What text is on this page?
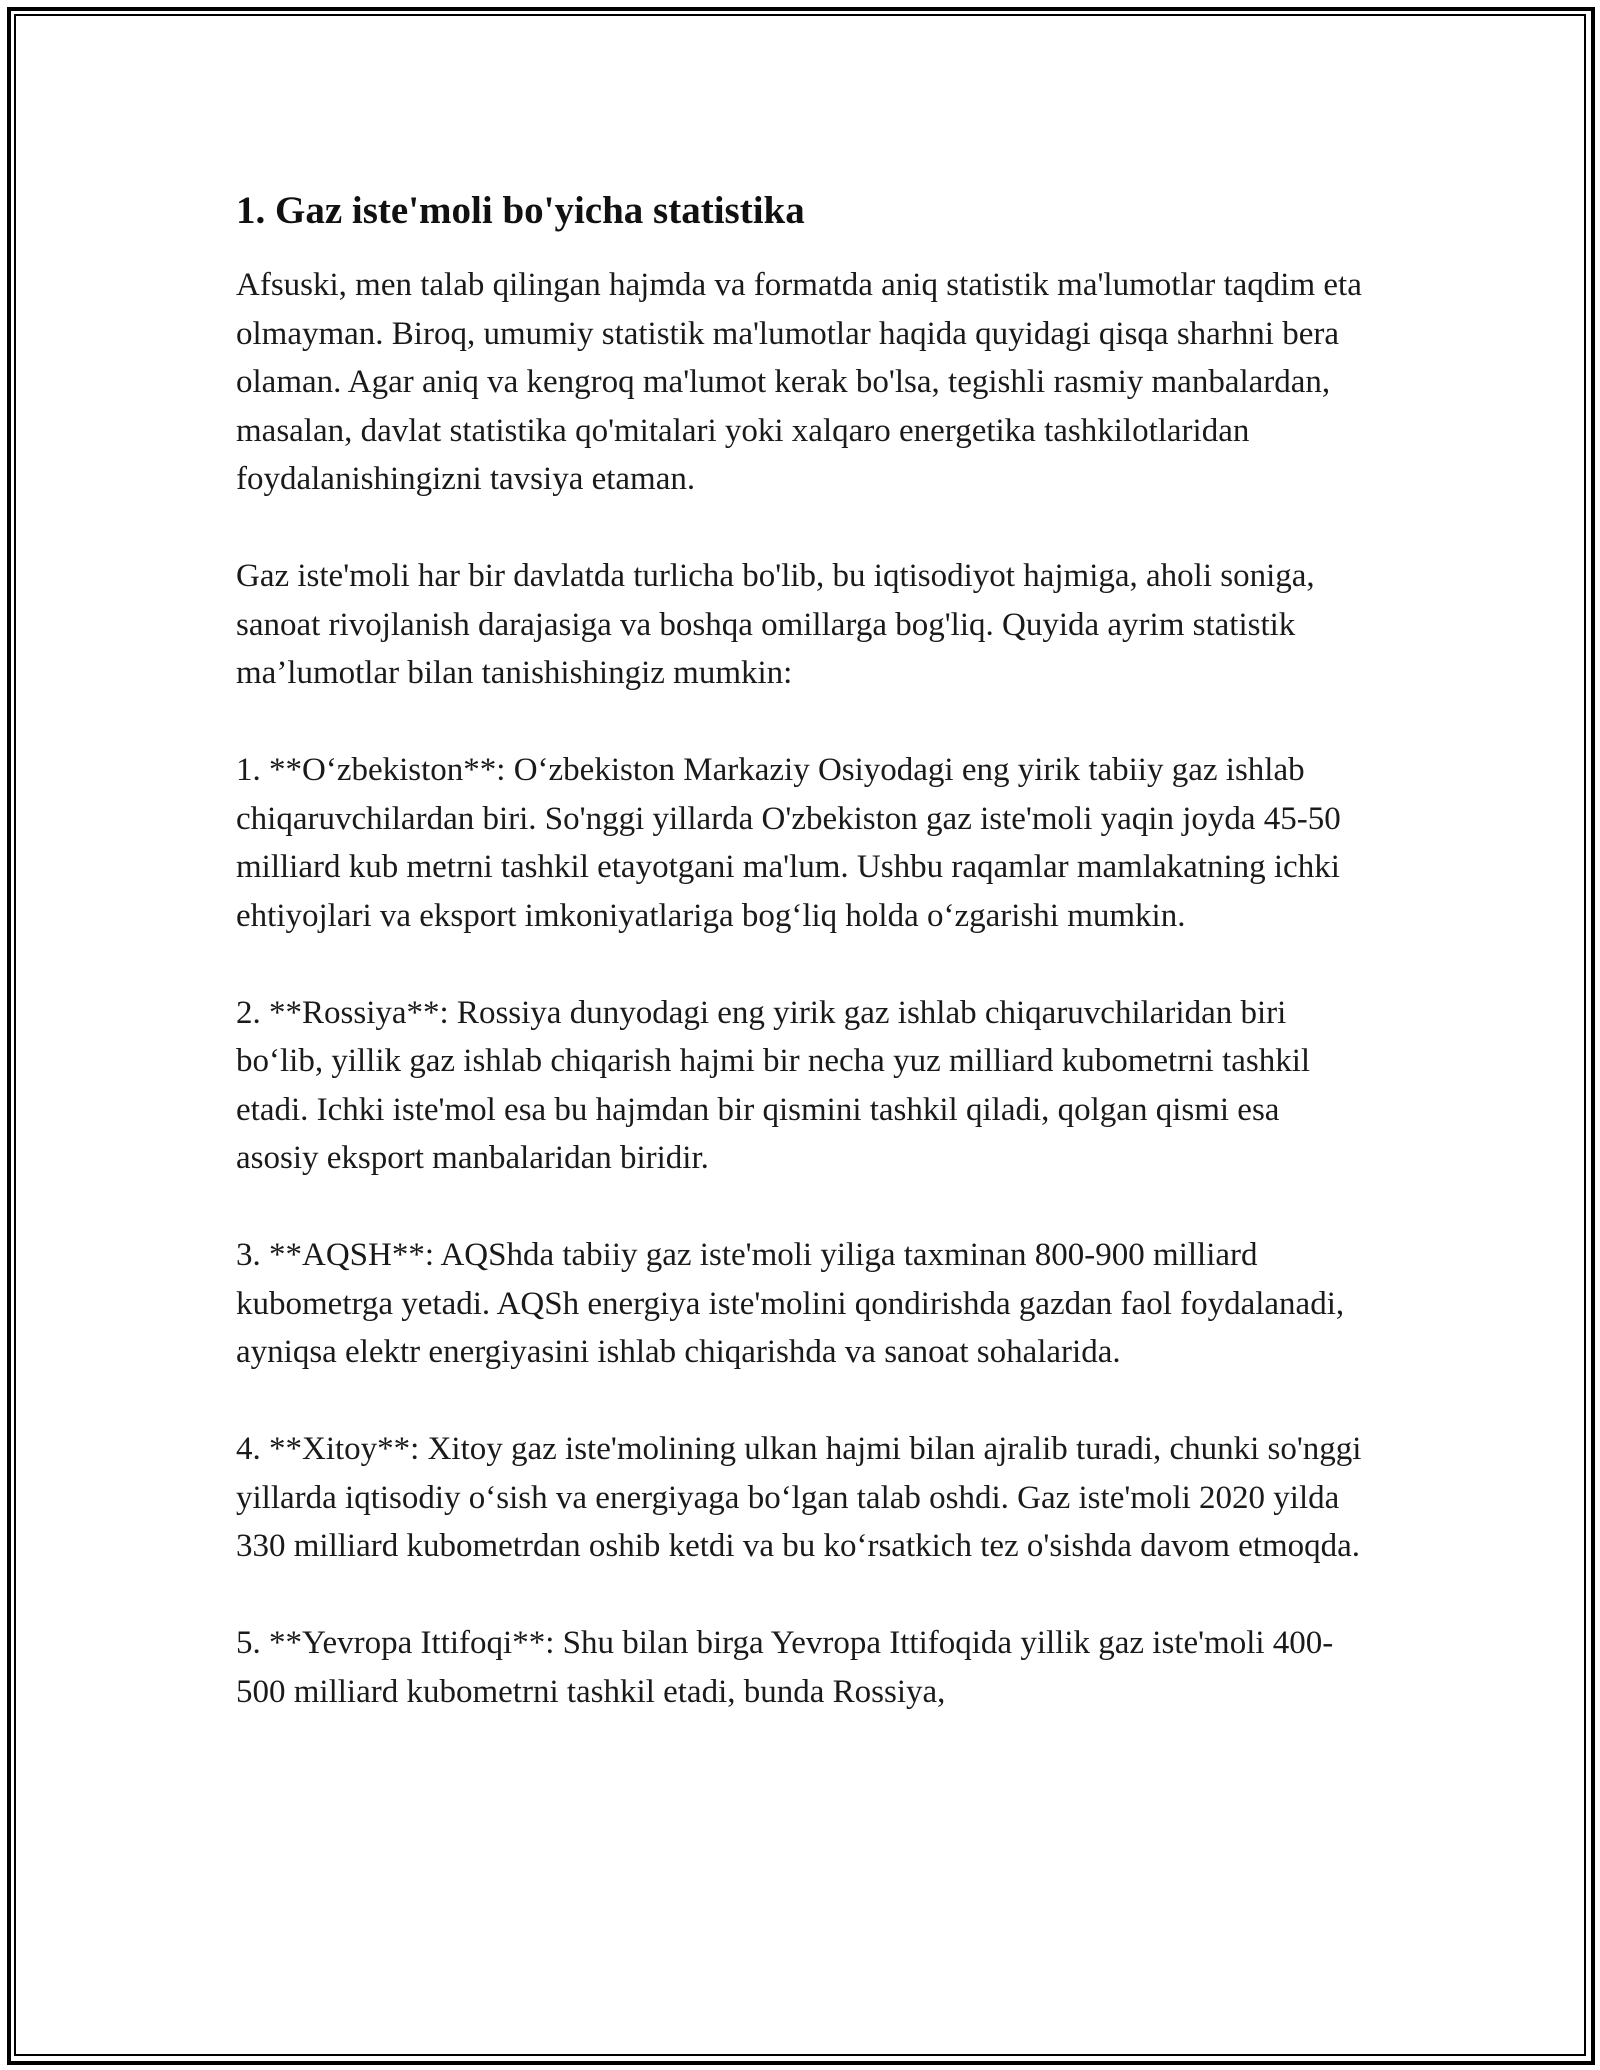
1. Gaz iste'moli bo'yicha statistika

Afsuski, men talab qilingan hajmda va formatda aniq statistik ma'lumotlar taqdim eta olmayman. Biroq, umumiy statistik ma'lumotlar haqida quyidagi qisqa sharhni bera olaman. Agar aniq va kengroq ma'lumot kerak bo'lsa, tegishli rasmiy manbalardan, masalan, davlat statistika qo'mitalari yoki xalqaro energetika tashkilotlaridan foydalanishingizni tavsiya etaman.

Gaz iste'moli har bir davlatda turlicha bo'lib, bu iqtisodiyot hajmiga, aholi soniga, sanoat rivojlanish darajasiga va boshqa omillarga bog'liq. Quyida ayrim statistik ma’lumotlar bilan tanishishingiz mumkin:

1. **O‘zbekiston**: O‘zbekiston Markaziy Osiyodagi eng yirik tabiiy gaz ishlab chiqaruvchilardan biri. So'nggi yillarda O'zbekiston gaz iste'moli yaqin joyda 45-50 milliard kub metrni tashkil etayotgani ma'lum. Ushbu raqamlar mamlakatning ichki ehtiyojlari va eksport imkoniyatlariga bog‘liq holda o‘zgarishi mumkin.

2. **Rossiya**: Rossiya dunyodagi eng yirik gaz ishlab chiqaruvchilaridan biri bo‘lib, yillik gaz ishlab chiqarish hajmi bir necha yuz milliard kubometrni tashkil etadi. Ichki iste'mol esa bu hajmdan bir qismini tashkil qiladi, qolgan qismi esa asosiy eksport manbalaridan biridir.

3. **AQSH**: AQShda tabiiy gaz iste'moli yiliga taxminan 800-900 milliard kubometrga yetadi. AQSh energiya iste'molini qondirishda gazdan faol foydalanadi, ayniqsa elektr energiyasini ishlab chiqarishda va sanoat sohalarida.

4. **Xitoy**: Xitoy gaz iste'molining ulkan hajmi bilan ajralib turadi, chunki so'nggi yillarda iqtisodiy o‘sish va energiyaga bo‘lgan talab oshdi. Gaz iste'moli 2020 yilda 330 milliard kubometrdan oshib ketdi va bu ko‘rsatkich tez o'sishda davom etmoqda.

5. **Yevropa Ittifoqi**: Shu bilan birga Yevropa Ittifoqida yillik gaz iste'moli 400-500 milliard kubometrni tashkil etadi, bunda Rossiya,
